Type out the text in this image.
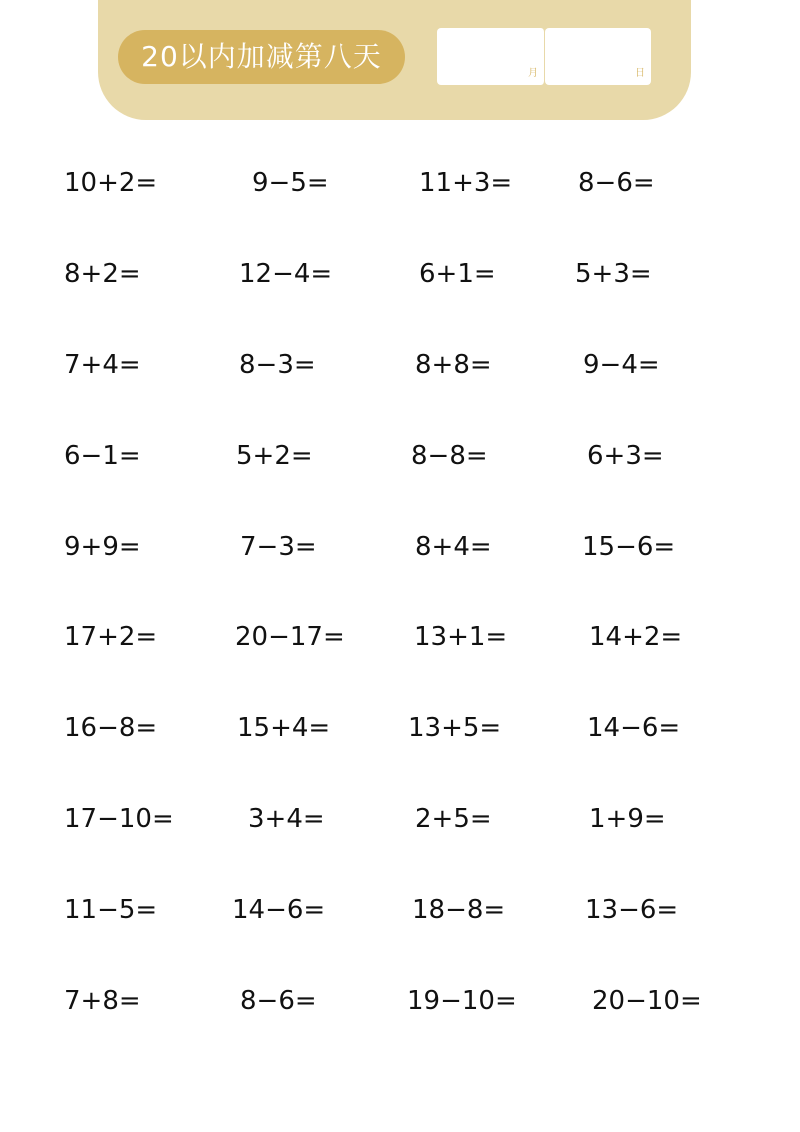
20以内加减第八天
月	日
10+2=	9−5=	11+3=	8−6=
8+2=	12−4=	6+1=	5+3=
7+4=	8−3=	8+8=	9−4=
6−1=	5+2=	8−8=	6+3=
9+9=	7−3=	8+4=	15−6=
17+2=	20−17=	13+1=	14+2=
16−8=	15+4=	13+5=	14−6=
17−10=	3+4=	2+5=	1+9=
11−5=	14−6=	18−8=	13−6=
7+8=	8−6=	19−10=	20−10=
